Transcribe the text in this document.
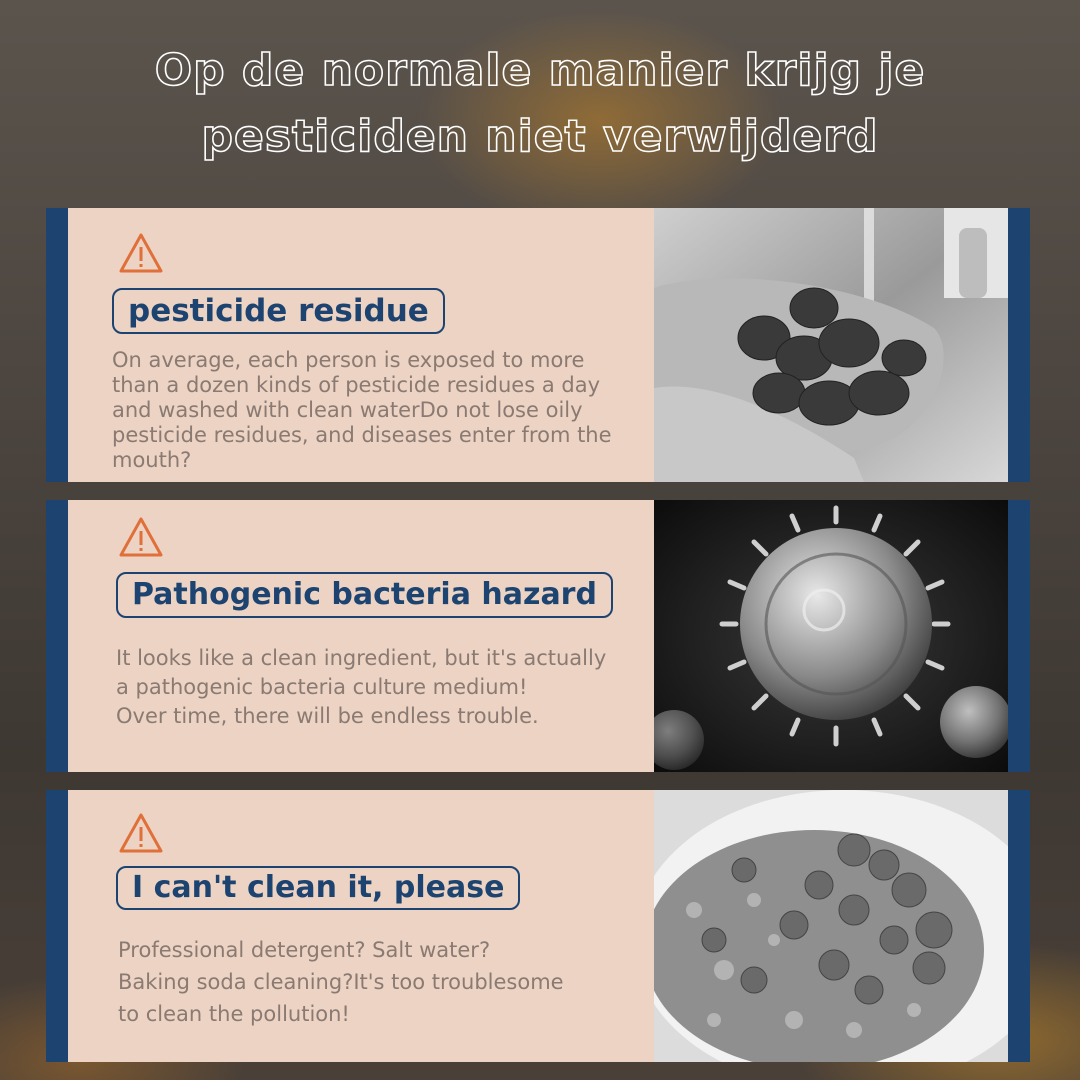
Op de normale manier krijg je
pesticiden niet verwijderd
pesticide residue
On average, each person is exposed to more
than a dozen kinds of pesticide residues a day
and washed with clean waterDo not lose oily
pesticide residues, and diseases enter from the
mouth?
Pathogenic bacteria hazard
It looks like a clean ingredient, but it's actually
a pathogenic bacteria culture medium!
Over time, there will be endless trouble.
I can't clean it, please
Professional detergent? Salt water?
Baking soda cleaning?It's too troublesome
to clean the pollution!
